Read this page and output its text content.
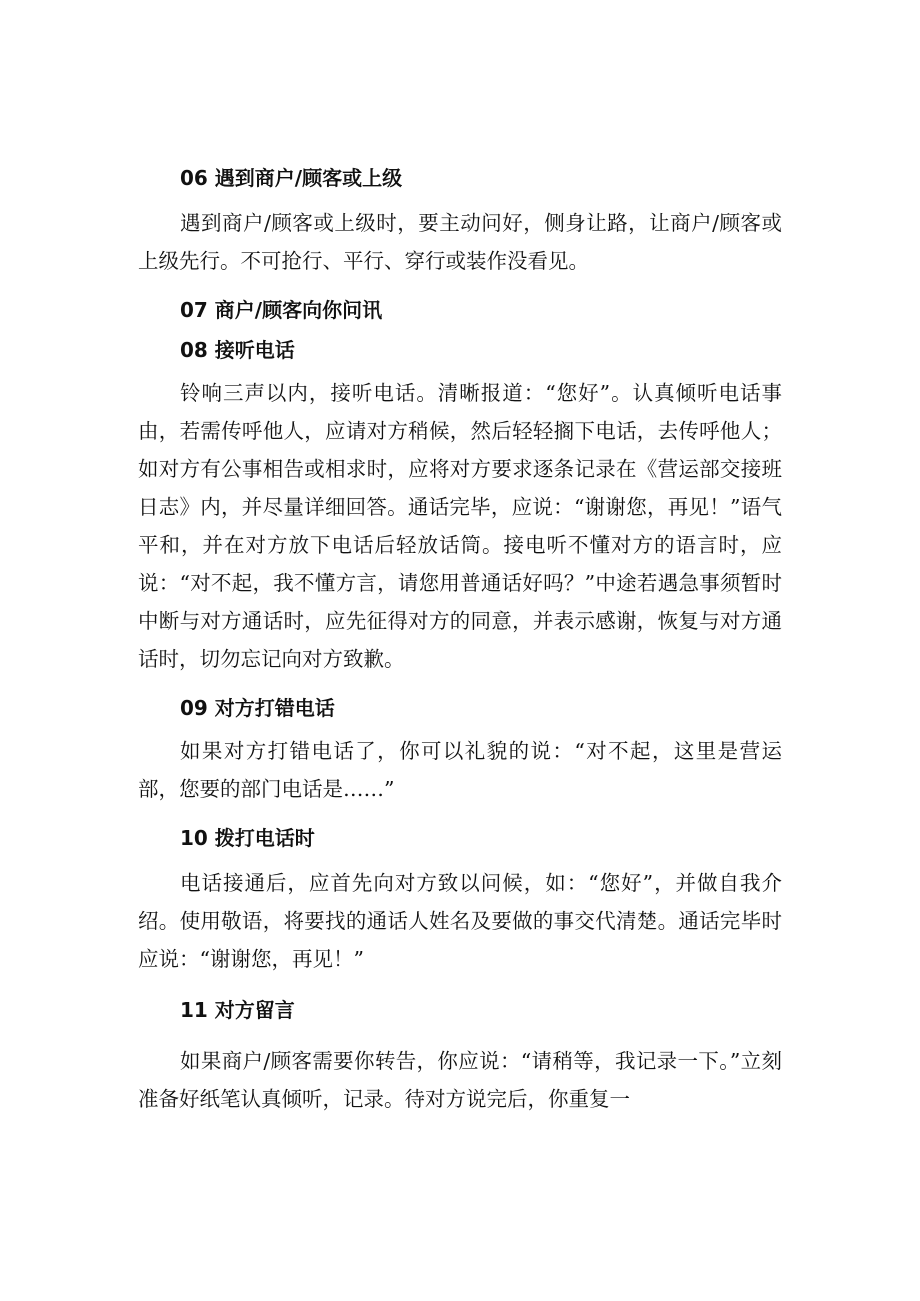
06 遇到商户/顾客或上级

遇到商户/顾客或上级时，要主动问好，侧身让路，让商户/顾客或上级先行。不可抢行、平行、穿行或装作没看见。

07 商户/顾客向你问讯
08 接听电话

铃响三声以内，接听电话。清晰报道：“您好”。认真倾听电话事由，若需传呼他人，应请对方稍候，然后轻轻搁下电话，去传呼他人；如对方有公事相告或相求时，应将对方要求逐条记录在《营运部交接班日志》内，并尽量详细回答。通话完毕，应说：“谢谢您，再见！”语气平和，并在对方放下电话后轻放话筒。接电听不懂对方的语言时，应说：“对不起，我不懂方言，请您用普通话好吗？”中途若遇急事须暂时中断与对方通话时，应先征得对方的同意，并表示感谢，恢复与对方通话时，切勿忘记向对方致歉。

09 对方打错电话

如果对方打错电话了，你可以礼貌的说：“对不起，这里是营运部，您要的部门电话是……”

10 拨打电话时

电话接通后，应首先向对方致以问候，如：“您好”，并做自我介绍。使用敬语，将要找的通话人姓名及要做的事交代清楚。通话完毕时应说：“谢谢您，再见！”

11 对方留言

如果商户/顾客需要你转告，你应说：“请稍等，我记录一下。”立刻准备好纸笔认真倾听，记录。待对方说完后，你重复一
